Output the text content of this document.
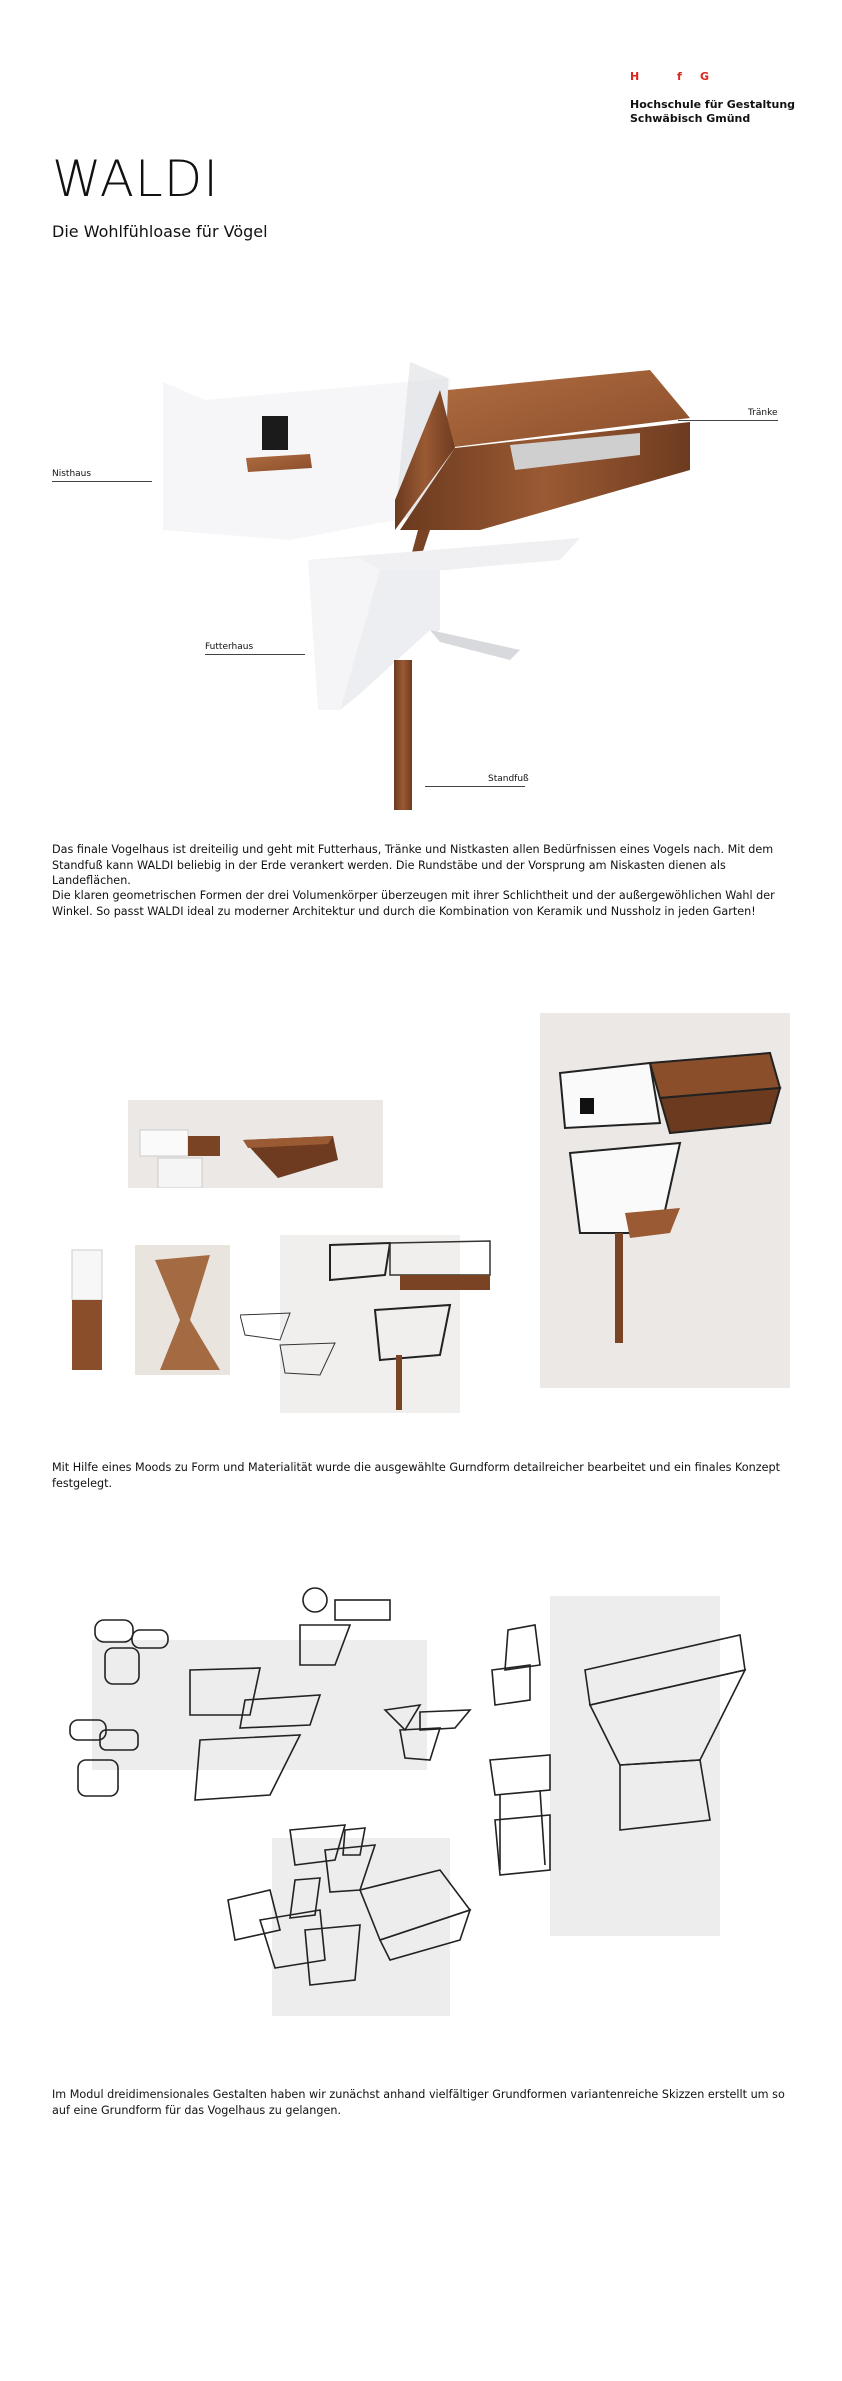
H	f G
Hochschule für Gestaltung
Schwäbisch Gmünd
WALDI
Die Wohlfühloase für Vögel
Nisthaus
Tränke
Futterhaus
Standfuß
Das finale Vogelhaus ist dreiteilig und geht mit Futterhaus, Tränke und Nistkasten allen Bedürfnissen eines Vogels nach. Mit dem Standfuß kann WALDI beliebig in der Erde verankert werden. Die Rundstäbe und der Vorsprung am Niskasten dienen als Landeflächen.
Die klaren geometrischen Formen der drei Volumenkörper überzeugen mit ihrer Schlichtheit und der außergewöhlichen Wahl der Winkel. So passt WALDI ideal zu moderner Architektur und durch die Kombination von Keramik und Nussholz in jeden Garten!
Mit Hilfe eines Moods zu Form und Materialität wurde die ausgewählte Gurndform detailreicher bearbeitet und ein finales Konzept festgelegt.
Im Modul dreidimensionales Gestalten haben wir zunächst anhand vielfältiger Grundformen variantenreiche Skizzen erstellt um so auf eine Grundform für das Vogelhaus zu gelangen.
